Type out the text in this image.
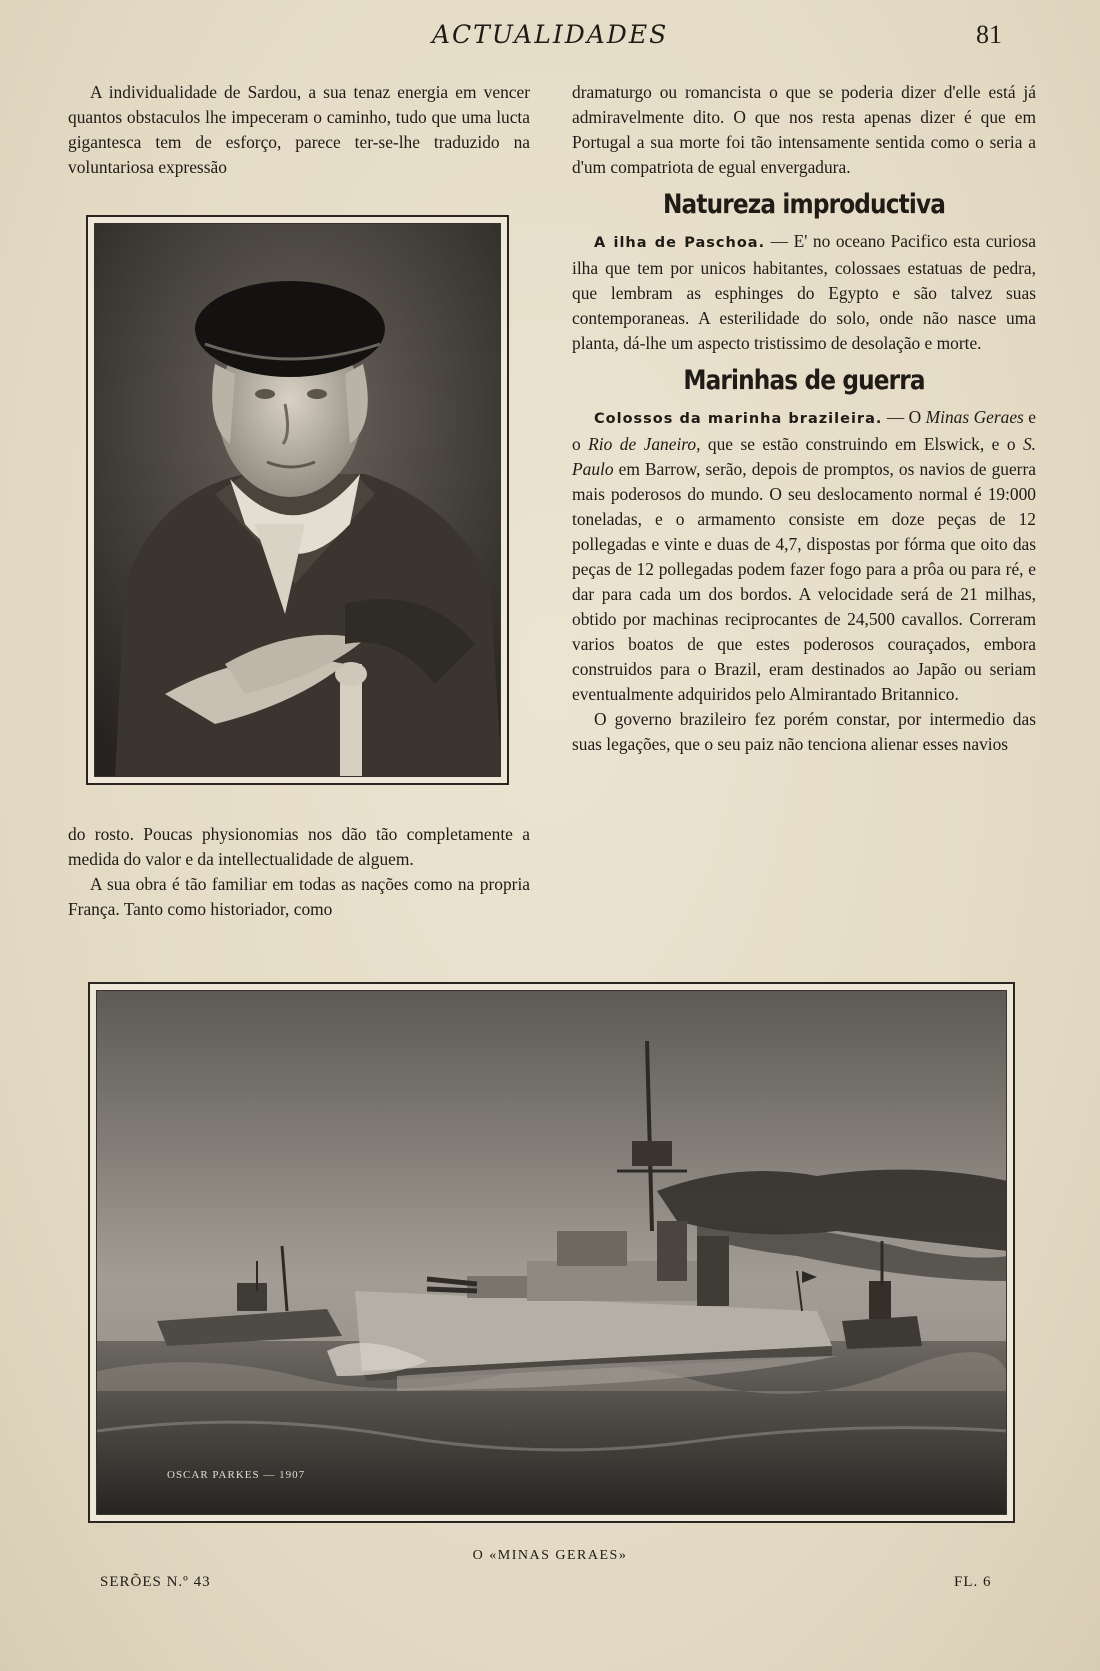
ACTUALIDADES	81

A individualidade de Sardou, a sua tenaz energia em vencer quantos obstaculos lhe impeceram o caminho, tudo que uma lucta gigantesca tem de esforço, parece ter-se-lhe traduzido na voluntariosa expressão

do rosto. Poucas physionomias nos dão tão completamente a medida do valor e da intellectualidade de alguem.

A sua obra é tão familiar em todas as nações como na propria França. Tanto como historiador, como

dramaturgo ou romancista o que se poderia dizer d'elle está já admiravelmente dito. O que nos resta apenas dizer é que em Portugal a sua morte foi tão intensamente sentida como o seria a d'um compatriota de egual envergadura.

Natureza improductiva

A ilha de Paschoa. — E' no oceano Pacifico esta curiosa ilha que tem por unicos habitantes, colossaes estatuas de pedra, que lembram as esphinges do Egypto e são talvez suas contemporaneas. A esterilidade do solo, onde não nasce uma planta, dá-lhe um aspecto tristissimo de desolação e morte.

Marinhas de guerra

Colossos da marinha brazileira. — O Minas Geraes e o Rio de Janeiro, que se estão construindo em Elswick, e o S. Paulo em Barrow, serão, depois de promptos, os navios de guerra mais poderosos do mundo. O seu deslocamento normal é 19:000 toneladas, e o armamento consiste em doze peças de 12 pollegadas e vinte e duas de 4,7, dispostas por fórma que oito das peças de 12 pollegadas podem fazer fogo para a prôa ou para ré, e dar para cada um dos bordos. A velocidade será de 21 milhas, obtido por machinas reciprocantes de 24,500 cavallos. Correram varios boatos de que estes poderosos couraçados, embora construidos para o Brazil, eram destinados ao Japão ou seriam eventualmente adquiridos pelo Almirantado Britannico.

O governo brazileiro fez porém constar, por intermedio das suas legações, que o seu paiz não tenciona alienar esses navios

OSCAR PARKES — 1907
O «MINAS GERAES»
SERÕES N.º 43	FL. 6
